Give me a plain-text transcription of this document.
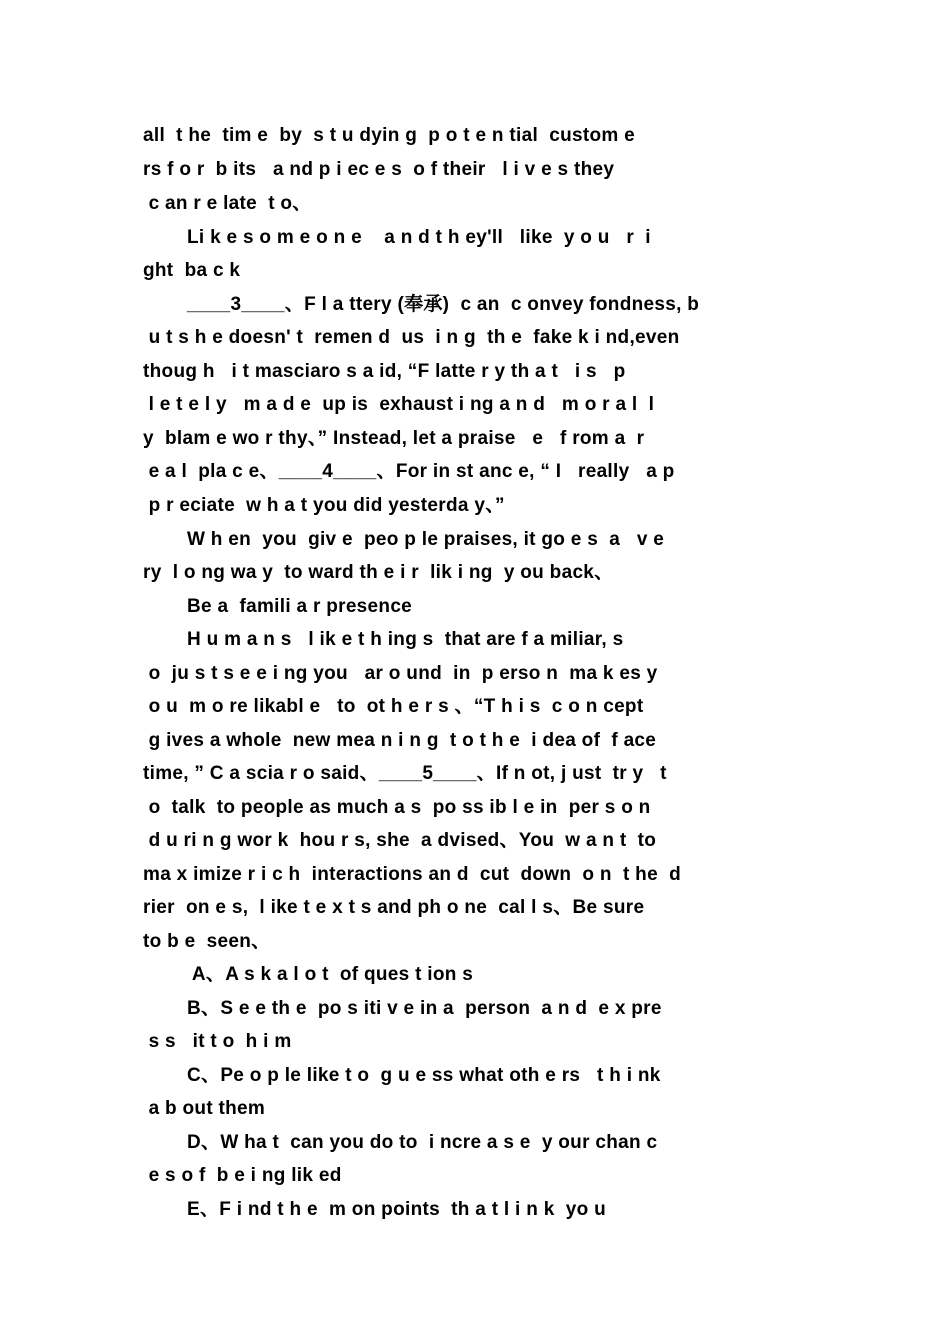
all  t he  tim e  by  s t u dyin g  p o t e n tial  custom e
rs f o r  b its   a nd p i ec e s  o f their   l i v e s they
c an r e late  t o、
Li k e s o m e o n e    a n d t h ey'll   like  y o u   r  i
ght  ba c k
____3____、F l a ttery (奉承)  c an  c onvey fondness, b
u t s h e doesn' t  remen d  us  i n g  th e  fake k i nd,even
thoug h   i t masciaro s a id, “F latte r y th a t   i s   p
l e t e l y   m a d e  up is  exhaust i ng a n d   m o r a l  l
y  blam e wo r thy、” Instead, let a praise   e   f rom a  r
e a l  pla c e、____4____、For in st anc e, “ I   really   a p
p r eciate  w h a t you did yesterda y、”
W h en  you  giv e  peo p le praises, it go e s  a   v e
ry  l o ng wa y  to ward th e i r  lik i ng  y ou back、
Be a  famili a r presence
H u m a n s   l ik e t h ing s  that are f a miliar, s
o  ju s t s e e i ng you   ar o und  in  p erso n  ma k es y
o u  m o re likabl e   to  ot h e r s 、“T h i s  c o n cept
g ives a whole  new mea n i n g  t o t h e  i dea of  f ace
time, ” C a scia r o said、____5____、If n ot, j ust  tr y   t
o  talk  to people as much a s  po ss ib l e in  per s o n
d u ri n g wor k  hou r s, she  a dvised、You  w a n t  to
ma x imize r i c h  interactions an d  cut  down  o n  t he  d
rier  on e s,  l ike t e x t s and ph o ne  cal l s、Be sure
to b e  seen、
A、A s k a l o t  of ques t ion s
B、S e e th e  po s iti v e in a  person  a n d  e x pre
s s   it t o  h i m
C、Pe o p le like t o  g u e ss what oth e rs   t h i nk
a b out them
D、W ha t  can you do to  i ncre a s e  y our chan c
e s o f  b e i ng lik ed
E、F i nd t h e  m on points  th a t l i n k  yo u
